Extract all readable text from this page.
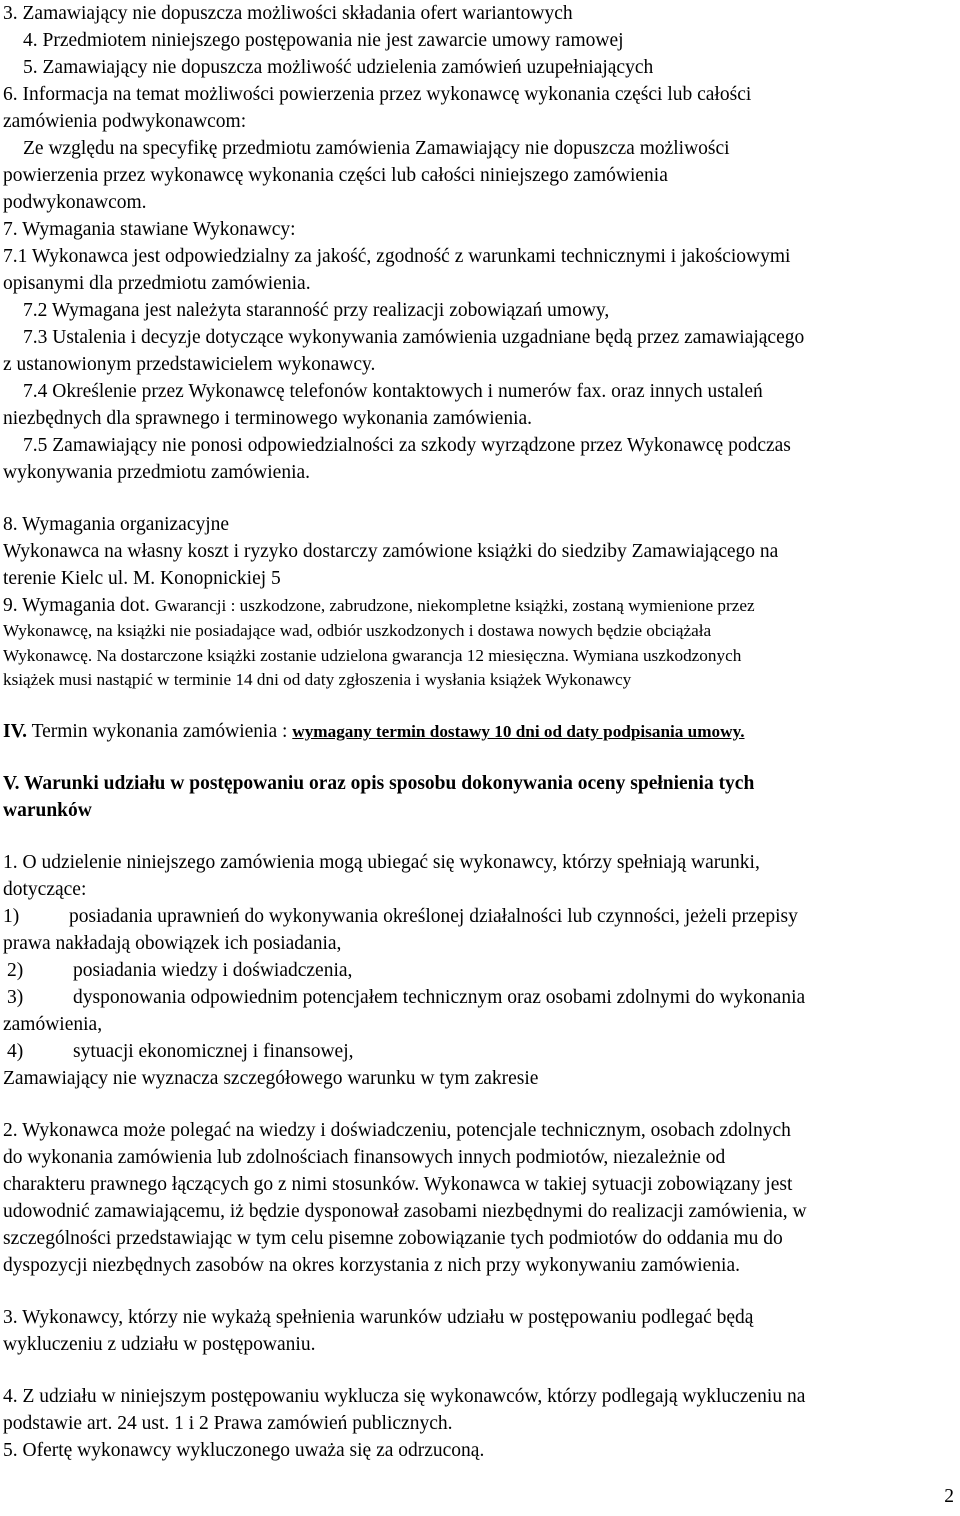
3. Zamawiający nie dopuszcza możliwości składania ofert wariantowych
4. Przedmiotem niniejszego postępowania nie jest zawarcie umowy ramowej
5. Zamawiający nie dopuszcza możliwość udzielenia zamówień uzupełniających
6. Informacja na temat możliwości powierzenia przez wykonawcę wykonania części lub całości
zamówienia podwykonawcom:
Ze względu na specyfikę przedmiotu zamówienia Zamawiający nie dopuszcza możliwości
powierzenia przez wykonawcę wykonania części lub całości niniejszego zamówienia
podwykonawcom.
7. Wymagania stawiane Wykonawcy:
7.1 Wykonawca jest odpowiedzialny za jakość, zgodność z warunkami technicznymi i jakościowymi
opisanymi dla przedmiotu zamówienia.
7.2 Wymagana jest należyta staranność przy realizacji zobowiązań umowy,
7.3 Ustalenia i decyzje dotyczące wykonywania zamówienia uzgadniane będą przez zamawiającego
z ustanowionym przedstawicielem wykonawcy.
7.4 Określenie przez Wykonawcę telefonów kontaktowych i numerów fax. oraz innych ustaleń
niezbędnych dla sprawnego i terminowego wykonania zamówienia.
7.5 Zamawiający nie ponosi odpowiedzialności za szkody wyrządzone przez Wykonawcę podczas
wykonywania przedmiotu zamówienia.
8. Wymagania organizacyjne
Wykonawca na własny koszt i ryzyko dostarczy zamówione książki do siedziby Zamawiającego na
terenie Kielc ul. M. Konopnickiej 5
9. Wymagania dot. Gwarancji : uszkodzone, zabrudzone, niekompletne książki, zostaną wymienione przez
Wykonawcę, na książki nie posiadające wad, odbiór uszkodzonych i dostawa nowych będzie obciążała
Wykonawcę. Na dostarczone książki zostanie udzielona gwarancja 12 miesięczna. Wymiana uszkodzonych
książek musi nastąpić w terminie 14 dni od daty zgłoszenia i wysłania książek Wykonawcy
IV. Termin wykonania zamówienia : wymagany termin dostawy 10 dni od daty podpisania umowy.
V. Warunki udziału w postępowaniu oraz opis sposobu dokonywania oceny spełnienia tych
warunków
1. O udzielenie niniejszego zamówienia mogą ubiegać się wykonawcy, którzy spełniają warunki,
dotyczące:
1)	posiadania uprawnień do wykonywania określonej działalności lub czynności, jeżeli przepisy
prawa nakładają obowiązek ich posiadania,
2)	posiadania wiedzy i doświadczenia,
3)	dysponowania odpowiednim potencjałem technicznym oraz osobami zdolnymi do wykonania
zamówienia,
4)	sytuacji ekonomicznej i finansowej,
Zamawiający nie wyznacza szczegółowego warunku w tym zakresie
2. Wykonawca może polegać na wiedzy i doświadczeniu, potencjale technicznym, osobach zdolnych
do wykonania zamówienia lub zdolnościach finansowych innych podmiotów, niezależnie od
charakteru prawnego łączących go z nimi stosunków. Wykonawca w takiej sytuacji zobowiązany jest
udowodnić zamawiającemu, iż będzie dysponował zasobami niezbędnymi do realizacji zamówienia, w
szczególności przedstawiając w tym celu pisemne zobowiązanie tych podmiotów do oddania mu do
dyspozycji niezbędnych zasobów na okres korzystania z nich przy wykonywaniu zamówienia.
3. Wykonawcy, którzy nie wykażą spełnienia warunków udziału w postępowaniu podlegać będą
wykluczeniu z udziału w postępowaniu.
4. Z udziału w niniejszym postępowaniu wyklucza się wykonawców, którzy podlegają wykluczeniu na
podstawie art. 24 ust. 1 i 2 Prawa zamówień publicznych.
5. Ofertę wykonawcy wykluczonego uważa się za odrzuconą.
2
